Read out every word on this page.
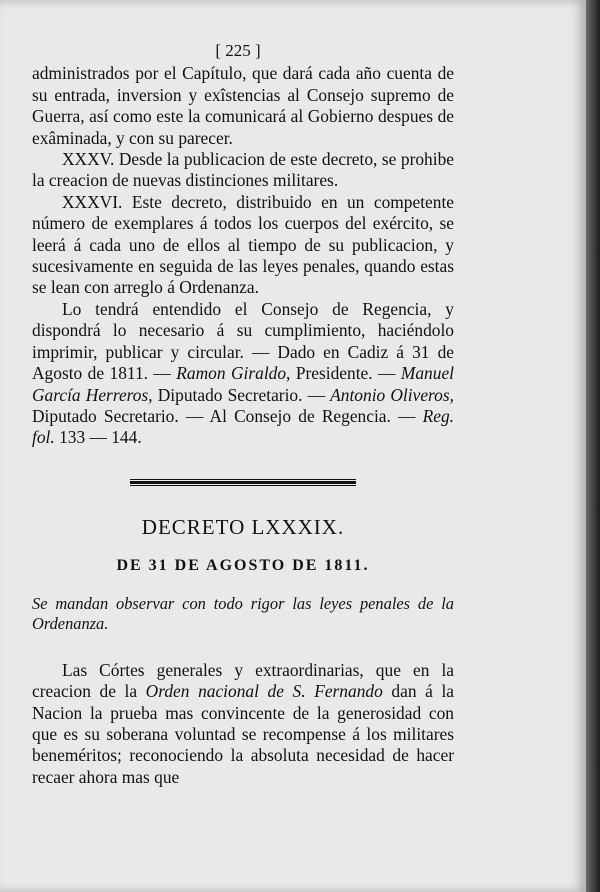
[ 225 ]

administrados por el Capítulo, que dará cada año cuenta de su entrada, inversion y exîstencias al Consejo supremo de Guerra, así como este la comunicará al Gobierno despues de exâminada, y con su parecer.

XXXV. Desde la publicacion de este decreto, se prohibe la creacion de nuevas distinciones militares.

XXXVI. Este decreto, distribuido en un competente número de exemplares á todos los cuerpos del exército, se leerá á cada uno de ellos al tiempo de su publicacion, y sucesivamente en seguida de las leyes penales, quando estas se lean con arreglo á Ordenanza.

Lo tendrá entendido el Consejo de Regencia, y dispondrá lo necesario á su cumplimiento, haciéndolo imprimir, publicar y circular. — Dado en Cadiz á 31 de Agosto de 1811. — Ramon Giraldo, Presidente. — Manuel García Herreros, Diputado Secretario. — Antonio Oliveros, Diputado Secretario. — Al Consejo de Regencia. — Reg. fol. 133 — 144.

DECRETO LXXXIX.
DE 31 DE AGOSTO DE 1811.

Se mandan observar con todo rigor las leyes penales de la Ordenanza.

Las Córtes generales y extraordinarias, que en la creacion de la Orden nacional de S. Fernando dan á la Nacion la prueba mas convincente de la generosidad con que es su soberana voluntad se recompense á los militares beneméritos; reconociendo la absoluta necesidad de hacer recaer ahora mas que
